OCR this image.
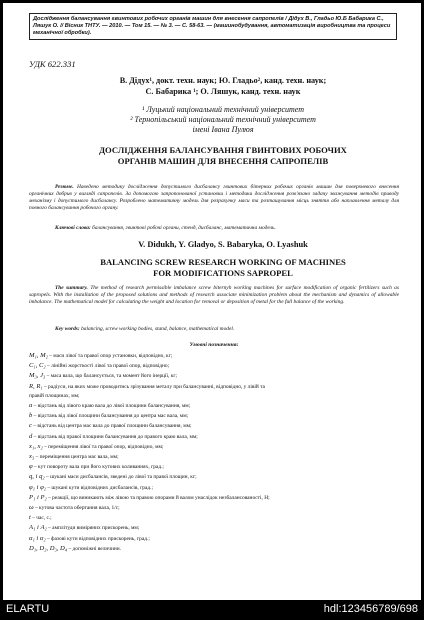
Дослідження балансування гвинтових робочих органів машин для внесення сапропелів / Дідух В., Гладьо Ю.Б Бабарика С., Ляшук О. // Вісник ТНТУ. — 2010. — Том 15. — № 3. — С. 58-63. — (машинобудування, автоматизація виробництва та процеси механічної обробки).
УДК 622.331
В. Дідух¹, докт. техн. наук; Ю. Гладьо², канд. техн. наук;
С. Бабарика ¹; О. Ляшук, канд. техн. наук
¹ Луцький національний технічний університет
² Тернопільський національний технічний університет
імені Івана Пулюя
ДОСЛІДЖЕННЯ БАЛАНСУВАННЯ ГВИНТОВИХ РОБОЧИХ
ОРГАНІВ МАШИН ДЛЯ ВНЕСЕННЯ САПРОПЕЛІВ

Резюме. Наведено методику дослідження допустимого дисбалансу гвинтових бітерних робочих органів машин для поверхневого внесення органічних добрив у вигляді сапропелів. За допомогою запропонованої установки і методики дослідження розв'язано задачу зважування методів приводу механізму і допустимого дисбалансу. Розроблено математичну модель для розрахунку маси та розташування місць зняття або наплавлення металу для повного балансування робочого органу.

Ключові слова: балансування, гвинтові робочі органи, стенд, дисбаланс, математична модель.

V. Didukh, Y. Gladyo, S. Babaryka, O. Lyashuk
BALANCING SCREW RESEARCH WORKING OF MACHINES
FOR MODIFICATIONS SAPROPEL

The summary. The method of research permissible imbalance screw biternyh working machines for surface modification of organic fertilizers such as sapropels. With the installation of the proposed solutions and methods of research associate minimization problem about the mechanism and dynamics of allowable imbalance. The mathematical model for calculating the weight and location for removal or deposition of metal for the full balance of the working.

Key words: balancing, screw working bodies, stand, balance, mathematical model.

Умовні позначення:
M₁, M₂ – маси лівої та правої опор установки, відповідно, кг;
C₁, C₂ – лінійні жорсткості лівої та правої опор, відповідно;
M₃, J₃ – маса вала, що балансується, та момент його інерції, кг;
R, R₁ – радіуси, на яких може проводитись зрізування металу при балансуванні, відповідно, у лівій та
правій площинах, мм;
a – відстань від лівого краю вала до лівої площини балансування, мм;
b – відстань від лівої площини балансування до центра мас вала, мм;
c – відстань від центра мас вала до правої площини балансування, мм;
d – відстань від правої площини балансування до правого краю вала, мм;
x₁, x₂ – переміщення лівої та правої опор, відповідно, мм;
x₃ – переміщення центра мас вала, мм;
φ – кут повороту вала при його кутових коливаннях, град.;
q, i q₂ – шукані маси дисбалансів, зведені до лівої та правої площин, кг;
φ₁ і φ₂ – шукані кути відповідних дисбалансів, град.;
P₁ і P₂ – реакції, що виникають між лівою та правою опорами й валом унаслідок незбалансованості, Н;
ω – кутова частота обертання вала, 1/с;
t – час, с.;
A₁ і A₂ – амплітуди виміряних прискорень, мм;
α₁ і α₂ – фазові кути відповідних прискорень, град.;
D₁, D₂, D₃, D₄ – допоміжні величини.
ELARTU	hdl:123456789/698
